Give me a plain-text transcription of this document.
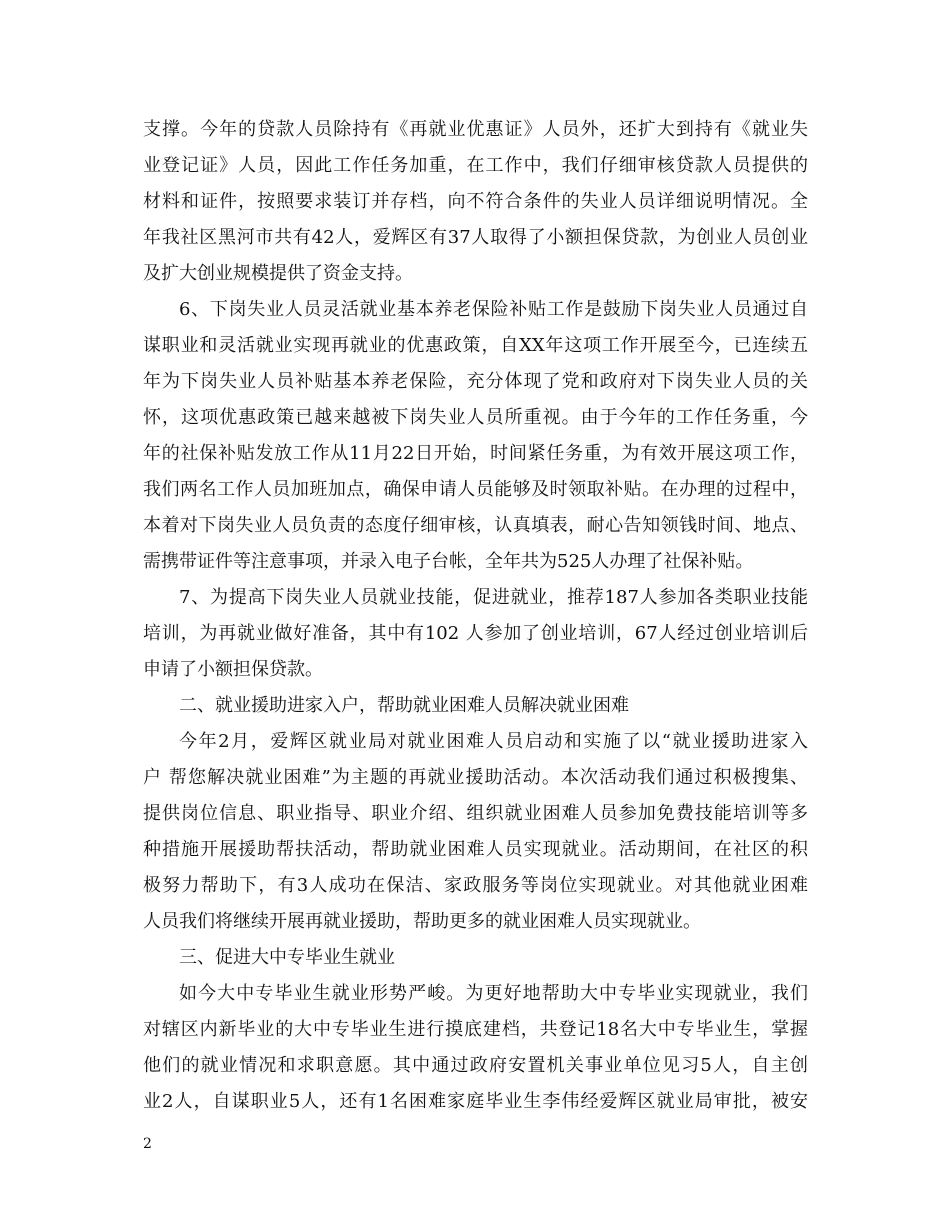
支撑。今年的贷款人员除持有《再就业优惠证》人员外，还扩大到持有《就业失
业登记证》人员，因此工作任务加重，在工作中，我们仔细审核贷款人员提供的
材料和证件，按照要求装订并存档，向不符合条件的失业人员详细说明情况。全
年我社区黑河市共有42人，爱辉区有37人取得了小额担保贷款，为创业人员创业
及扩大创业规模提供了资金支持。
6、下岗失业人员灵活就业基本养老保险补贴工作是鼓励下岗失业人员通过自
谋职业和灵活就业实现再就业的优惠政策，自XX年这项工作开展至今，已连续五
年为下岗失业人员补贴基本养老保险，充分体现了党和政府对下岗失业人员的关
怀，这项优惠政策已越来越被下岗失业人员所重视。由于今年的工作任务重，今
年的社保补贴发放工作从11月22日开始，时间紧任务重，为有效开展这项工作，
我们两名工作人员加班加点，确保申请人员能够及时领取补贴。在办理的过程中，
本着对下岗失业人员负责的态度仔细审核，认真填表，耐心告知领钱时间、地点、
需携带证件等注意事项，并录入电子台帐，全年共为525人办理了社保补贴。
7、为提高下岗失业人员就业技能，促进就业，推荐187人参加各类职业技能
培训，为再就业做好准备，其中有102 人参加了创业培训，67人经过创业培训后
申请了小额担保贷款。
二、就业援助进家入户，帮助就业困难人员解决就业困难
今年2月，爱辉区就业局对就业困难人员启动和实施了以“就业援助进家入
户 帮您解决就业困难”为主题的再就业援助活动。本次活动我们通过积极搜集、
提供岗位信息、职业指导、职业介绍、组织就业困难人员参加免费技能培训等多
种措施开展援助帮扶活动，帮助就业困难人员实现就业。活动期间，在社区的积
极努力帮助下，有3人成功在保洁、家政服务等岗位实现就业。对其他就业困难
人员我们将继续开展再就业援助，帮助更多的就业困难人员实现就业。
三、促进大中专毕业生就业
如今大中专毕业生就业形势严峻。为更好地帮助大中专毕业实现就业，我们
对辖区内新毕业的大中专毕业生进行摸底建档，共登记18名大中专毕业生，掌握
他们的就业情况和求职意愿。其中通过政府安置机关事业单位见习5人，自主创
业2人，自谋职业5人，还有1名困难家庭毕业生李伟经爱辉区就业局审批，被安
2
